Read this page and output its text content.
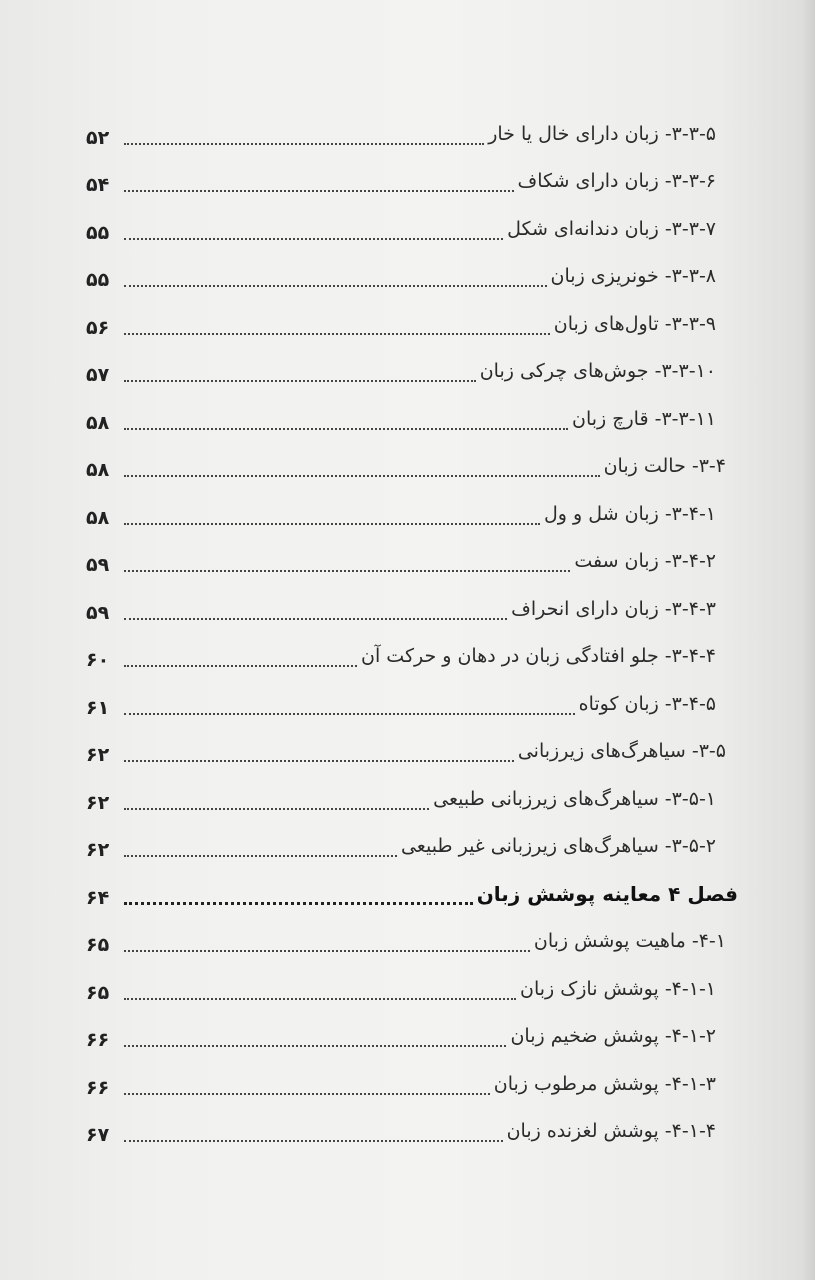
۳-۳-۵- زبان دارای خال یا خار
۵۲
۳-۳-۶- زبان دارای شکاف
۵۴
۳-۳-۷- زبان دندانه‌ای شکل
۵۵
۳-۳-۸- خونریزی زبان
۵۵
۳-۳-۹- تاول‌های زبان
۵۶
۳-۳-۱۰- جوش‌های چرکی زبان
۵۷
۳-۳-۱۱- قارچ زبان
۵۸
۳-۴- حالت زبان
۵۸
۳-۴-۱- زبان شل و ول
۵۸
۳-۴-۲- زبان سفت
۵۹
۳-۴-۳- زبان دارای انحراف
۵۹
۳-۴-۴- جلو افتادگی زبان در دهان و حرکت آن
۶۰
۳-۴-۵- زبان کوتاه
۶۱
۳-۵- سیاهرگ‌های زیرزبانی
۶۲
۳-۵-۱- سیاهرگ‌های زیرزبانی طبیعی
۶۲
۳-۵-۲- سیاهرگ‌های زیرزبانی غیر طبیعی
۶۲
فصل ۴ معاینه پوشش زبان
۶۴
۴-۱- ماهیت پوشش زبان
۶۵
۴-۱-۱- پوشش نازک زبان
۶۵
۴-۱-۲- پوشش ضخیم زبان
۶۶
۴-۱-۳- پوشش مرطوب زبان
۶۶
۴-۱-۴- پوشش لغزنده زبان
۶۷
